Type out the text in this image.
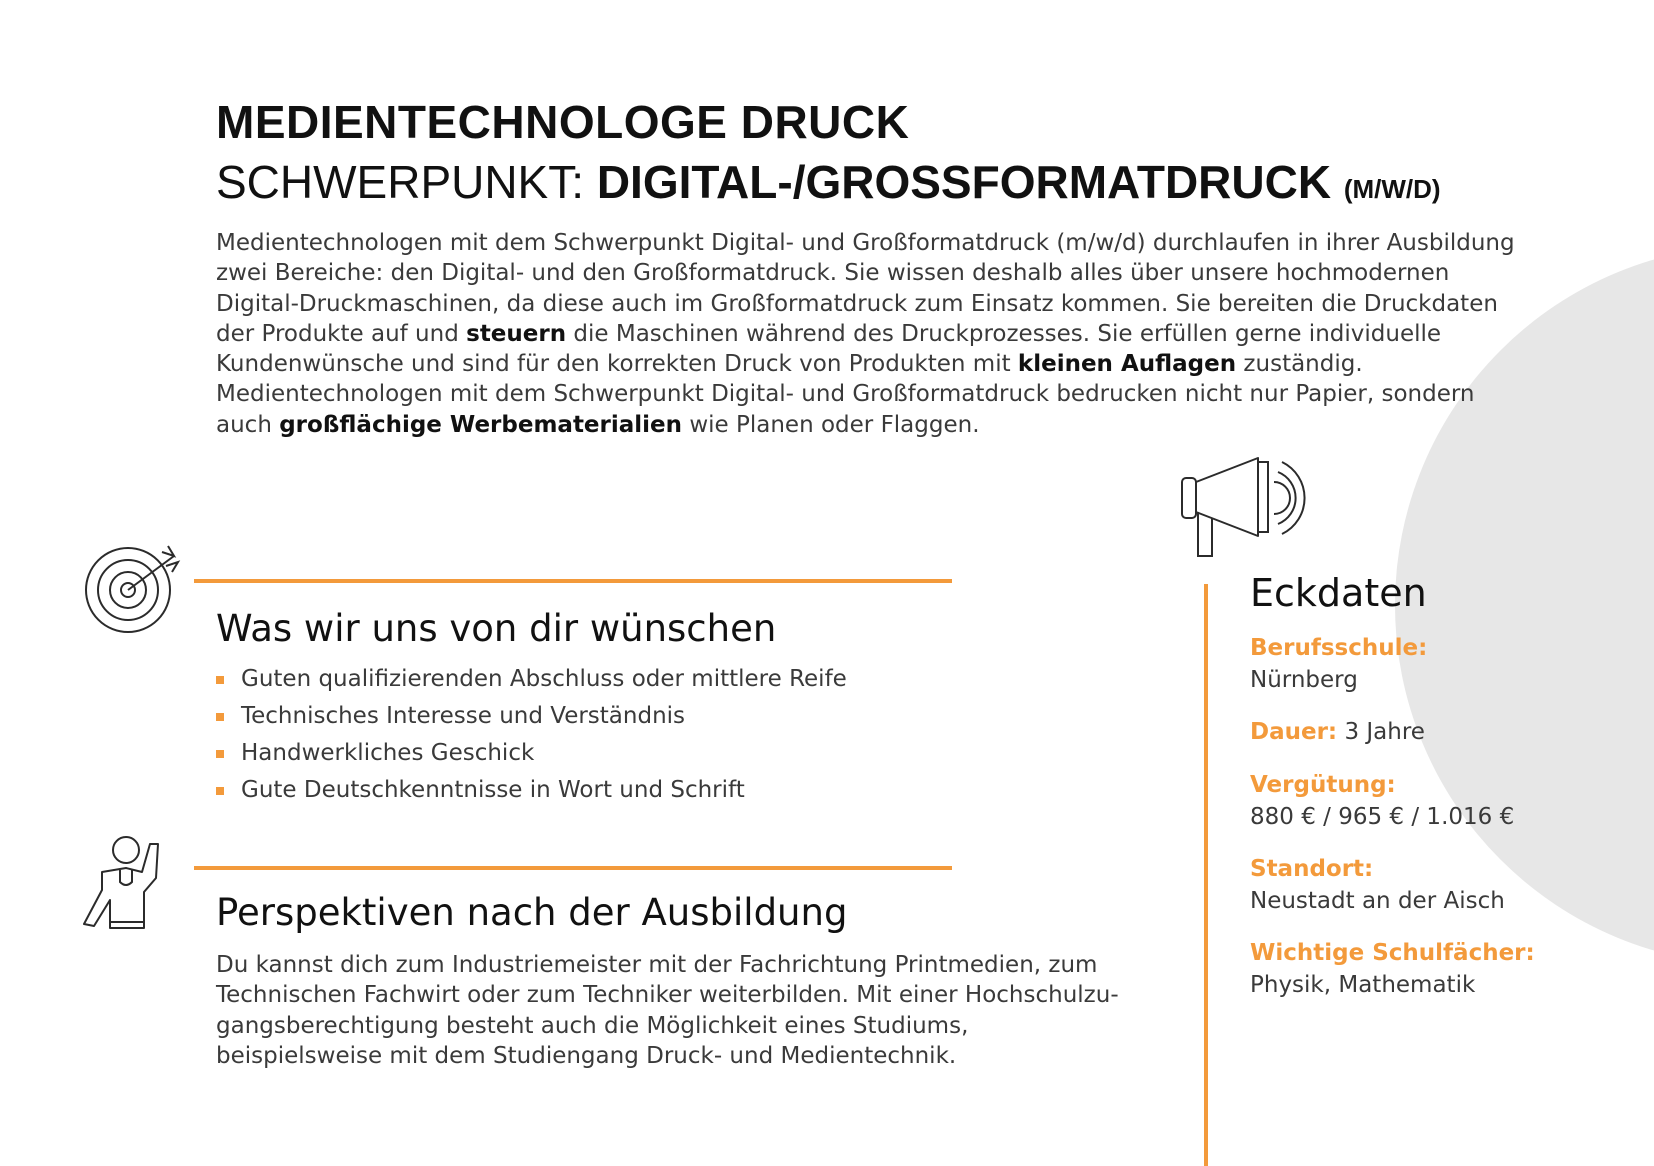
MEDIENTECHNOLOGE DRUCK
SCHWERPUNKT: DIGITAL-/GROSSFORMATDRUCK (M/W/D)

Medientechnologen mit dem Schwerpunkt Digital- und Großformatdruck (m/w/d) durchlaufen in ihrer Ausbildung zwei Bereiche: den Digital- und den Großformatdruck. Sie wissen deshalb alles über unsere hochmodernen Digital-Druckmaschinen, da diese auch im Großformatdruck zum Einsatz kommen. Sie bereiten die Druckdaten der Produkte auf und steuern die Maschinen während des Druckprozesses. Sie erfüllen gerne individuelle Kundenwünsche und sind für den korrekten Druck von Produkten mit kleinen Auflagen zuständig. Medientechnologen mit dem Schwerpunkt Digital- und Großformatdruck bedrucken nicht nur Papier, sondern auch großflächige Werbematerialien wie Planen oder Flaggen.

Was wir uns von dir wünschen
Guten qualifizierenden Abschluss oder mittlere Reife
Technisches Interesse und Verständnis
Handwerkliches Geschick
Gute Deutschkenntnisse in Wort und Schrift
Perspektiven nach der Ausbildung

Du kannst dich zum Industriemeister mit der Fachrichtung Printmedien, zum Technischen Fachwirt oder zum Techniker weiterbilden. Mit einer Hochschulzugangsberechtigung besteht auch die Möglichkeit eines Studiums, beispielsweise mit dem Studiengang Druck- und Medientechnik.

Eckdaten
Berufsschule:
Nürnberg
Dauer: 3 Jahre
Vergütung:
880 € / 965 € / 1.016 €
Standort:
Neustadt an der Aisch
Wichtige Schulfächer:
Physik, Mathematik
